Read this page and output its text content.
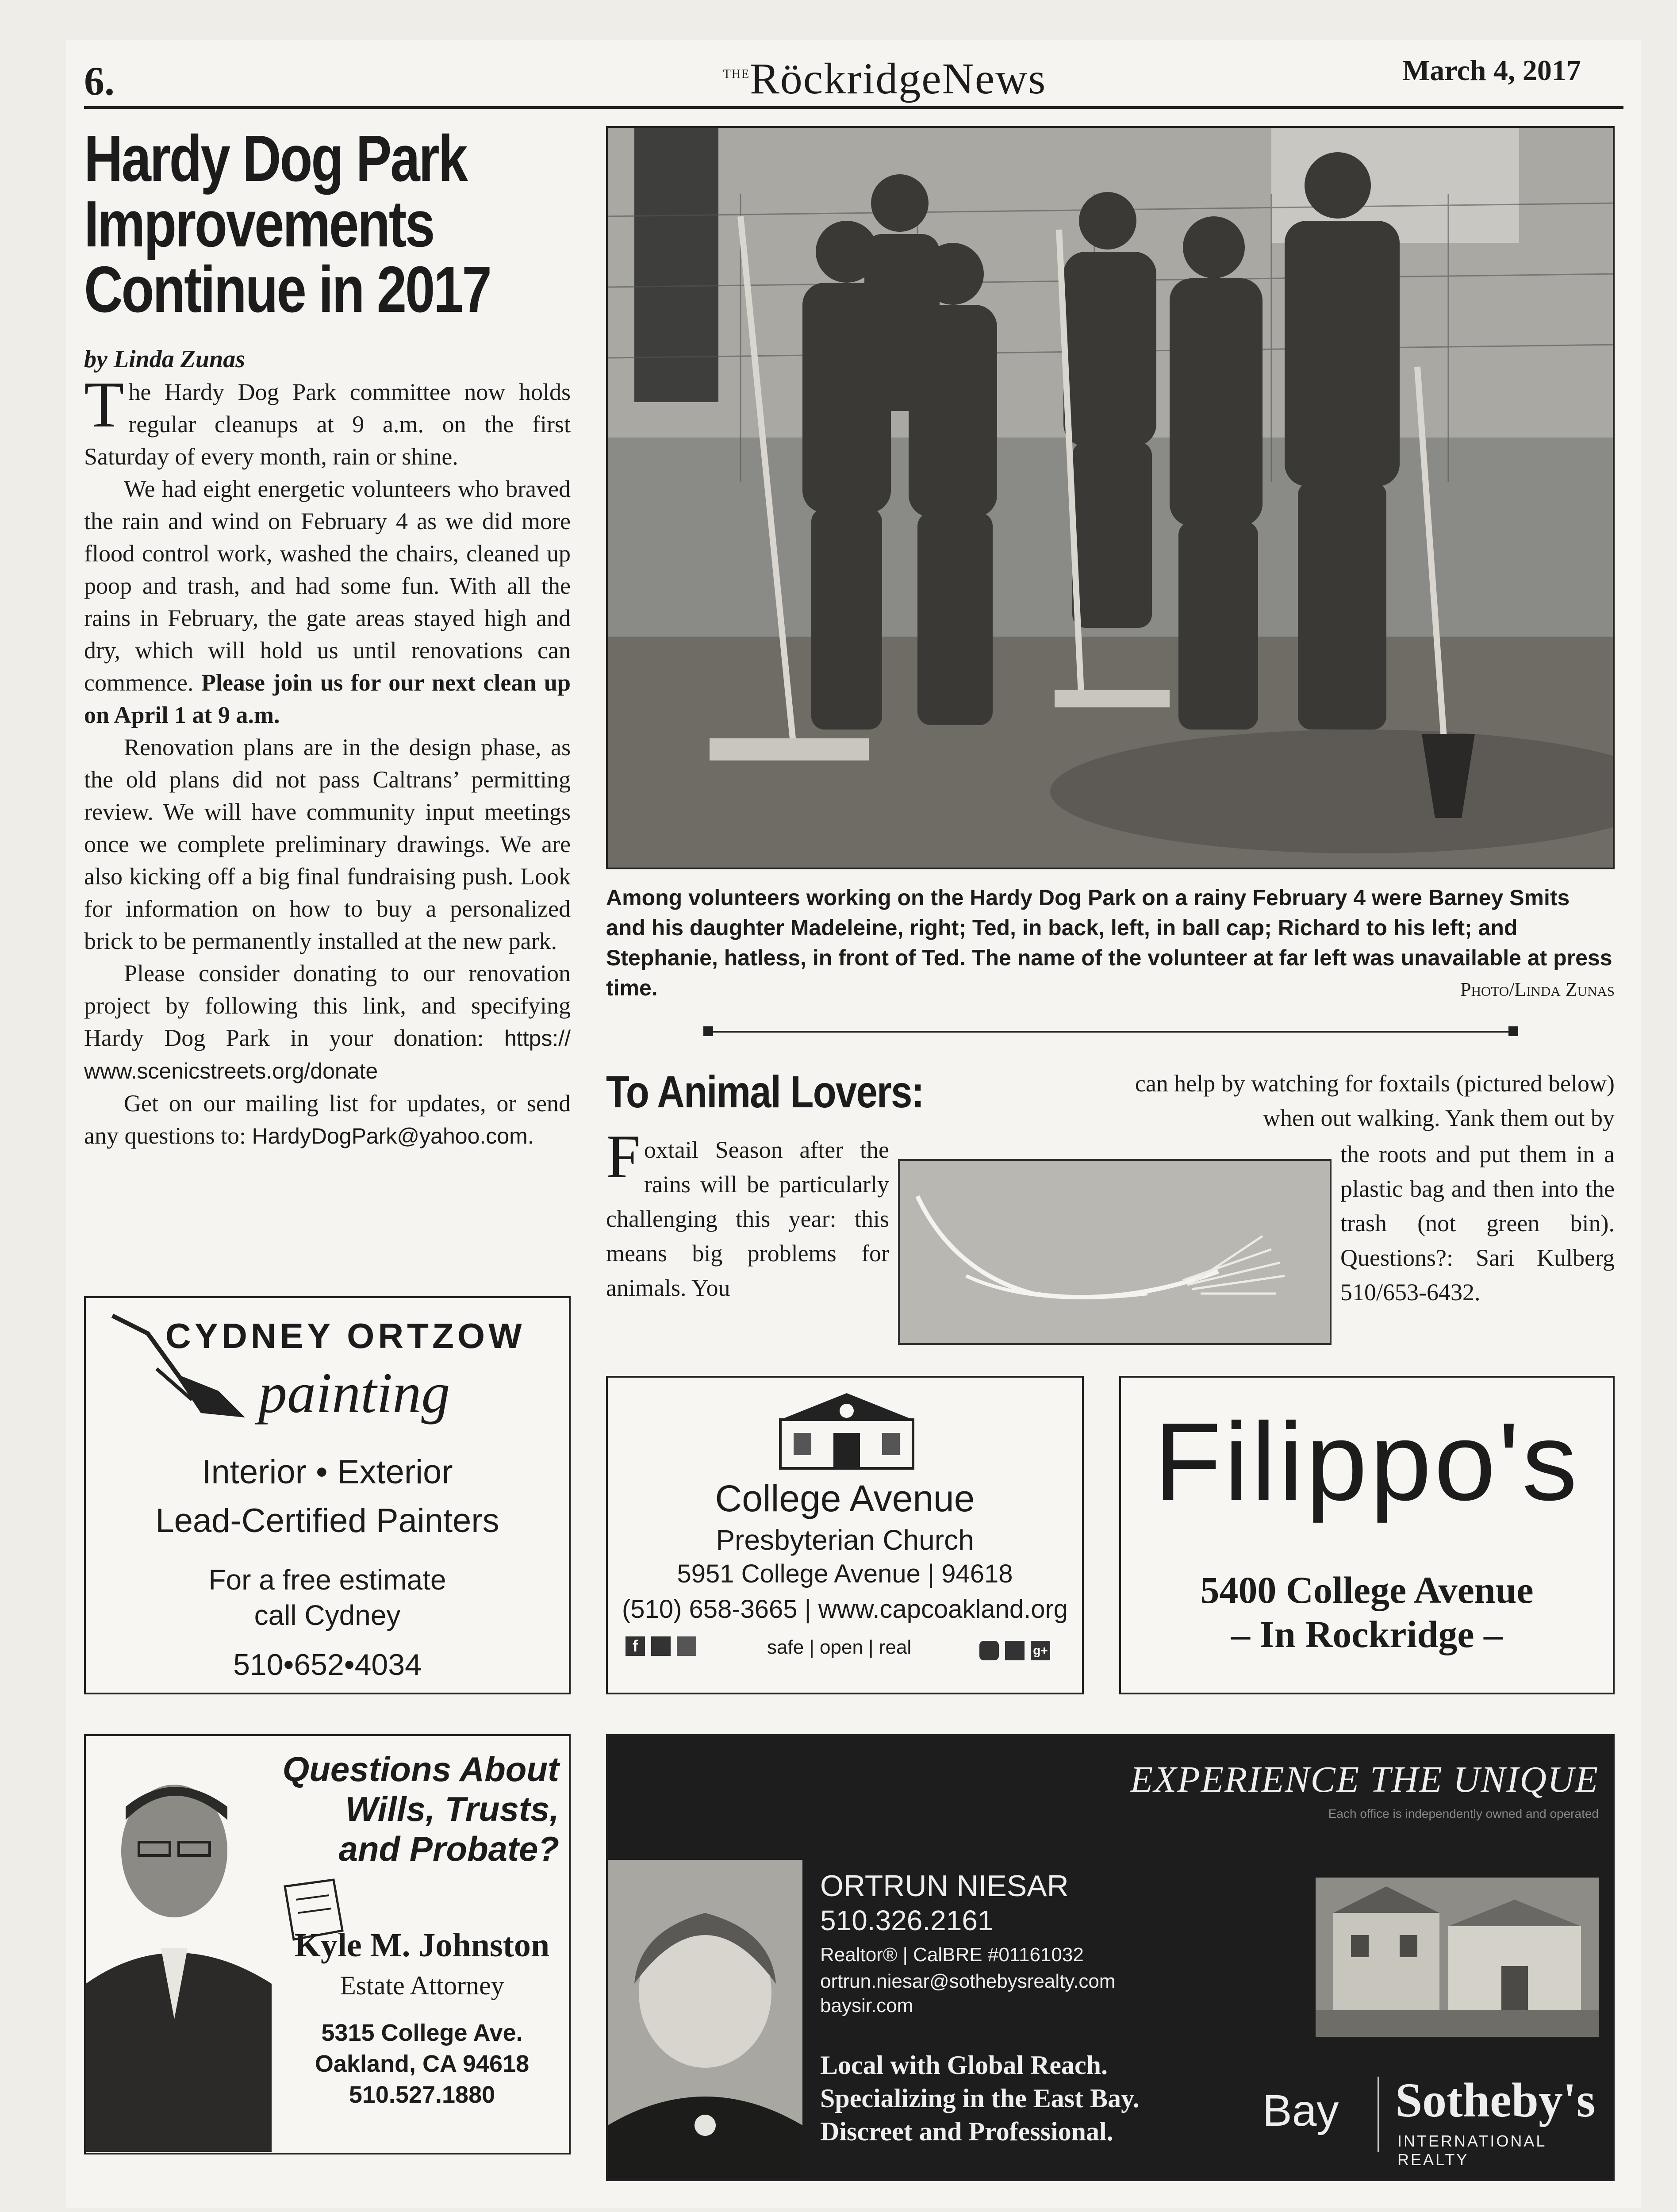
6.	$^{THE}$RöckridgeNews	March 4, 2017
Hardy Dog Park
Improvements
Continue in 2017
by Linda Zunas

The Hardy Dog Park committee now holds regular cleanups at 9 a.m. on the first Saturday of every month, rain or shine.

We had eight energetic volunteers who braved the rain and wind on February 4 as we did more flood control work, washed the chairs, cleaned up poop and trash, and had some fun. With all the rains in February, the gate areas stayed high and dry, which will hold us until renovations can commence. Please join us for our next clean up on April 1 at 9 a.m.

Renovation plans are in the design phase, as the old plans did not pass Caltrans’ permitting review. We will have community input meetings once we complete preliminary drawings. We are also kicking off a big final fundraising push. Look for information on how to buy a personalized brick to be permanently installed at the new park.

Please consider donating to our renovation project by following this link, and specifying Hardy Dog Park in your donation: https:// www.scenicstreets.org/donate

Get on our mailing list for updates, or send any questions to: HardyDogPark@yahoo.com.

Among volunteers working on the Hardy Dog Park on a rainy February 4 were Barney Smits and his daughter Madeleine, right; Ted, in back, left, in ball cap; Richard to his left; and Stephanie, hatless, in front of Ted. The name of the volunteer at far left was unavailable at press time.	Photo/Linda Zunas
To Animal Lovers:
Foxtail Season after the rains will be particularly challenging this year: this means big problems for animals. You
can help by watching for foxtails (pictured below) when out walking. Yank them out by
the roots and put them in a plastic bag and then into the trash (not green bin). Questions?: Sari Kulberg 510/653-6432.
CYDNEY ORTZOW
painting
Interior • Exterior
Lead-Certified Painters
For a free estimate
call Cydney
510•652•4034
College Avenue
Presbyterian Church
5951 College Avenue | 94618
(510) 658-3665 | www.capcoakland.org
f	safe | open | real	g+
Filippo's
5400 College Avenue
– In Rockridge –
Questions About
Wills, Trusts,
and Probate?
Kyle M. Johnston
Estate Attorney
5315 College Ave.
Oakland, CA 94618
510.527.1880
EXPERIENCE THE UNIQUE
Each office is independently owned and operated
ORTRUN NIESAR
510.326.2161
Realtor® | CalBRE #01161032
ortrun.niesar@sothebysrealty.com
baysir.com
Local with Global Reach.
Specializing in the East Bay.
Discreet and Professional.	Bay Sotheby's
INTERNATIONAL REALTY
